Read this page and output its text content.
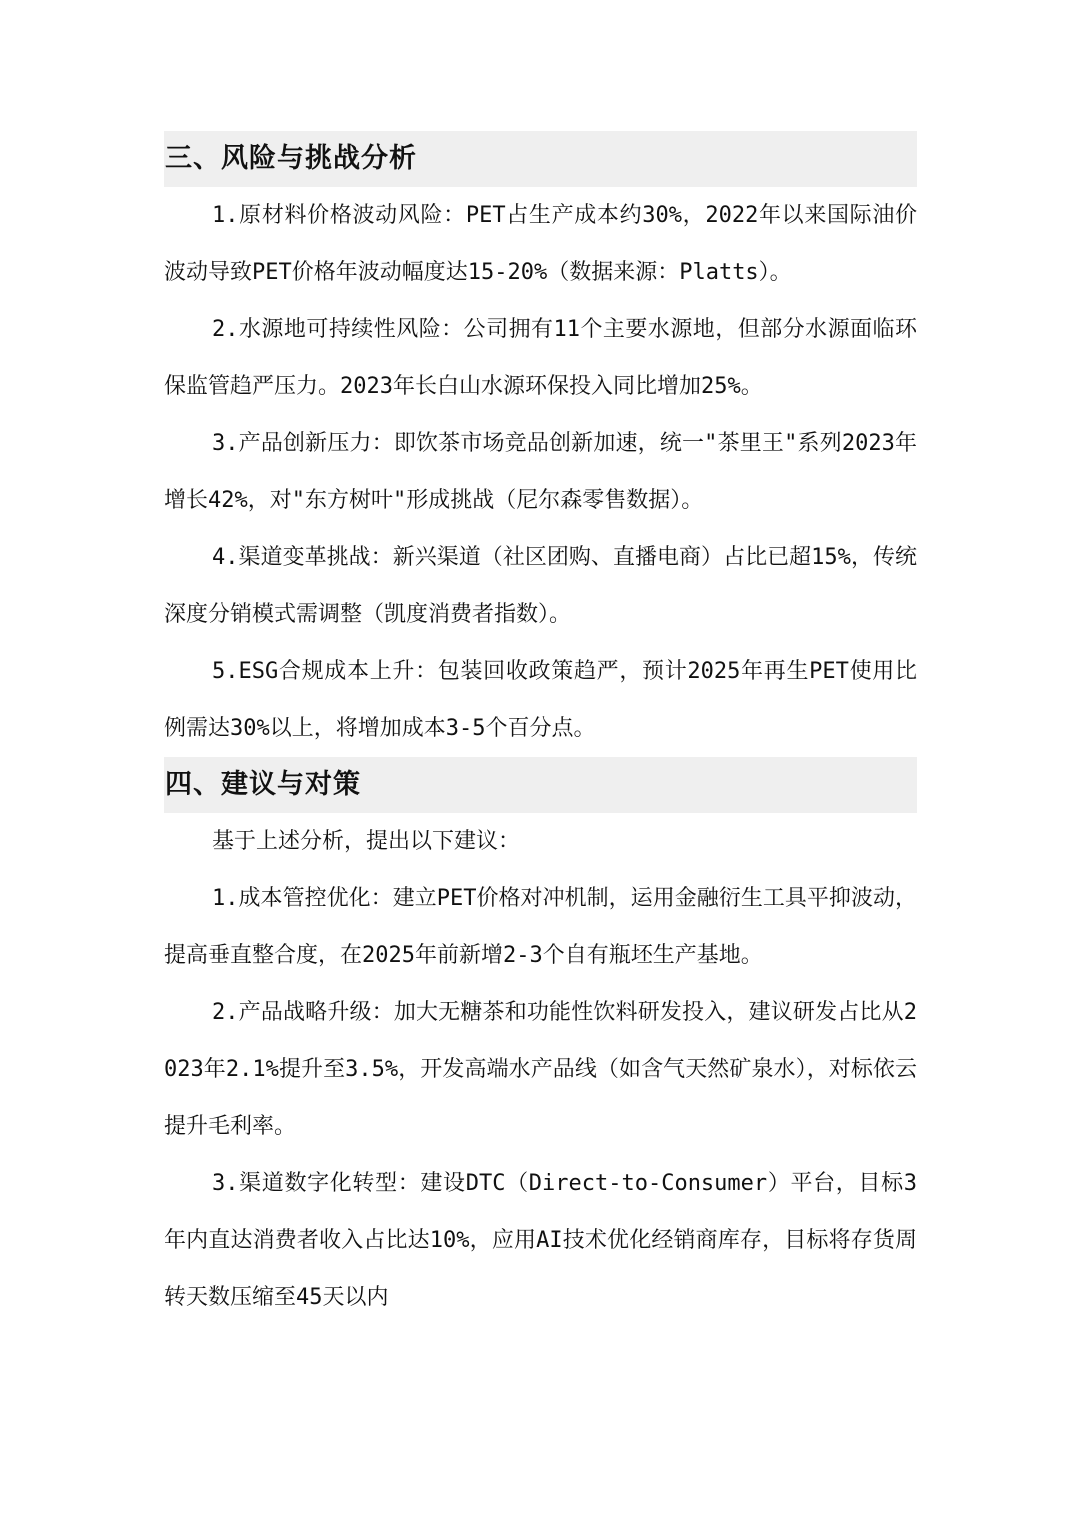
三、风险与挑战分析

1.原材料价格波动风险：PET占生产成本约30%，2022年以来国际油价波动导致PET价格年波动幅度达15-20%（数据来源：Platts）。

2.水源地可持续性风险：公司拥有11个主要水源地，但部分水源面临环保监管趋严压力。2023年长白山水源环保投入同比增加25%。

3.产品创新压力：即饮茶市场竞品创新加速，统一"茶里王"系列2023年增长42%，对"东方树叶"形成挑战（尼尔森零售数据）。

4.渠道变革挑战：新兴渠道（社区团购、直播电商）占比已超15%，传统深度分销模式需调整（凯度消费者指数）。

5.ESG合规成本上升：包装回收政策趋严，预计2025年再生PET使用比例需达30%以上，将增加成本3-5个百分点。

四、建议与对策

基于上述分析，提出以下建议：

1.成本管控优化：建立PET价格对冲机制，运用金融衍生工具平抑波动，提高垂直整合度，在2025年前新增2-3个自有瓶坯生产基地。

2.产品战略升级：加大无糖茶和功能性饮料研发投入，建议研发占比从2023年2.1%提升至3.5%，开发高端水产品线（如含气天然矿泉水），对标依云提升毛利率。

3.渠道数字化转型：建设DTC（Direct-to-Consumer）平台，目标3年内直达消费者收入占比达10%，应用AI技术优化经销商库存，目标将存货周转天数压缩至45天以内
